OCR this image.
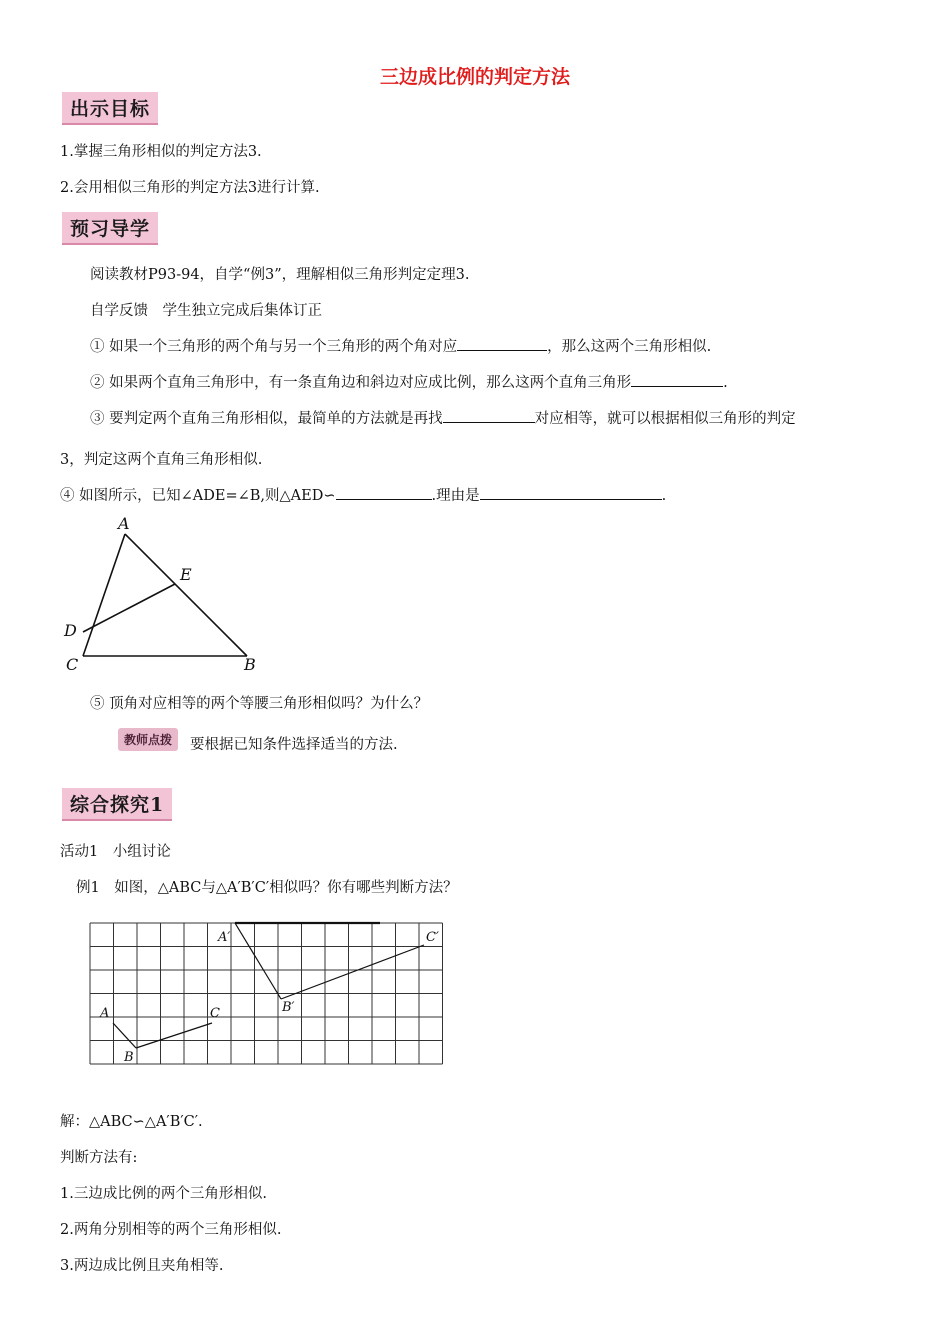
三边成比例的判定方法
出示目标
1.掌握三角形相似的判定方法3.
2.会用相似三角形的判定方法3进行计算.
预习导学
阅读教材P93-94，自学“例3”，理解相似三角形判定定理3.
自学反馈　学生独立完成后集体订正
① 如果一个三角形的两个角与另一个三角形的两个角对应	，那么这两个三角形相似.
② 如果两个直角三角形中，有一条直角边和斜边对应成比例，那么这两个直角三角形	.
③ 要判定两个直角三角形相似，最简单的方法就是再找	对应相等，就可以根据相似三角形的判定
3，判定这两个直角三角形相似.
④ 如图所示，已知∠ADE=∠B,则△AED∽	.理由是	.
A
E
D
C	B
⑤ 顶角对应相等的两个等腰三角形相似吗？为什么？
教师点拨	要根据已知条件选择适当的方法.
综合探究1
活动1　小组讨论
例1　如图，△ABC与△A′B′C′相似吗？你有哪些判断方法？
A
B
C
A′
B′
C′
解：△ABC∽△A′B′C′.
判断方法有:
1.三边成比例的两个三角形相似.
2.两角分别相等的两个三角形相似.
3.两边成比例且夹角相等.
